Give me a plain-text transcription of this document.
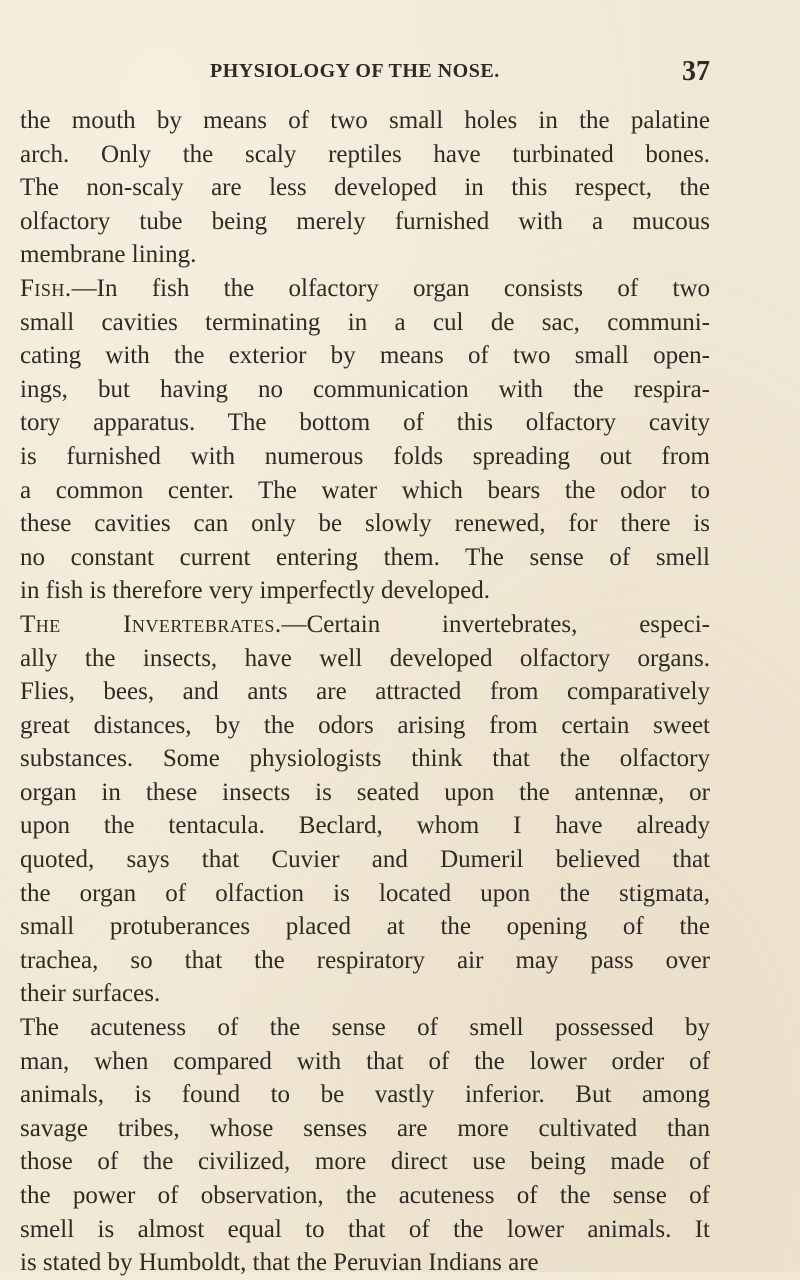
PHYSIOLOGY OF THE NOSE.	37
the mouth by means of two small holes in the palatine
arch. Only the scaly reptiles have turbinated bones.
The non-scaly are less developed in this respect, the
olfactory tube being merely furnished with a mucous
membrane lining.
Fish.—In fish the olfactory organ consists of two
small cavities terminating in a cul de sac, communi-
cating with the exterior by means of two small open-
ings, but having no communication with the respira-
tory apparatus. The bottom of this olfactory cavity
is furnished with numerous folds spreading out from
a common center. The water which bears the odor to
these cavities can only be slowly renewed, for there is
no constant current entering them. The sense of smell
in fish is therefore very imperfectly developed.
The Invertebrates.—Certain invertebrates, especi-
ally the insects, have well developed olfactory organs.
Flies, bees, and ants are attracted from comparatively
great distances, by the odors arising from certain sweet
substances. Some physiologists think that the olfactory
organ in these insects is seated upon the antennæ, or
upon the tentacula. Beclard, whom I have already
quoted, says that Cuvier and Dumeril believed that
the organ of olfaction is located upon the stigmata,
small protuberances placed at the opening of the
trachea, so that the respiratory air may pass over
their surfaces.
The acuteness of the sense of smell possessed by
man, when compared with that of the lower order of
animals, is found to be vastly inferior. But among
savage tribes, whose senses are more cultivated than
those of the civilized, more direct use being made of
the power of observation, the acuteness of the sense of
smell is almost equal to that of the lower animals. It
is stated by Humboldt, that the Peruvian Indians are
